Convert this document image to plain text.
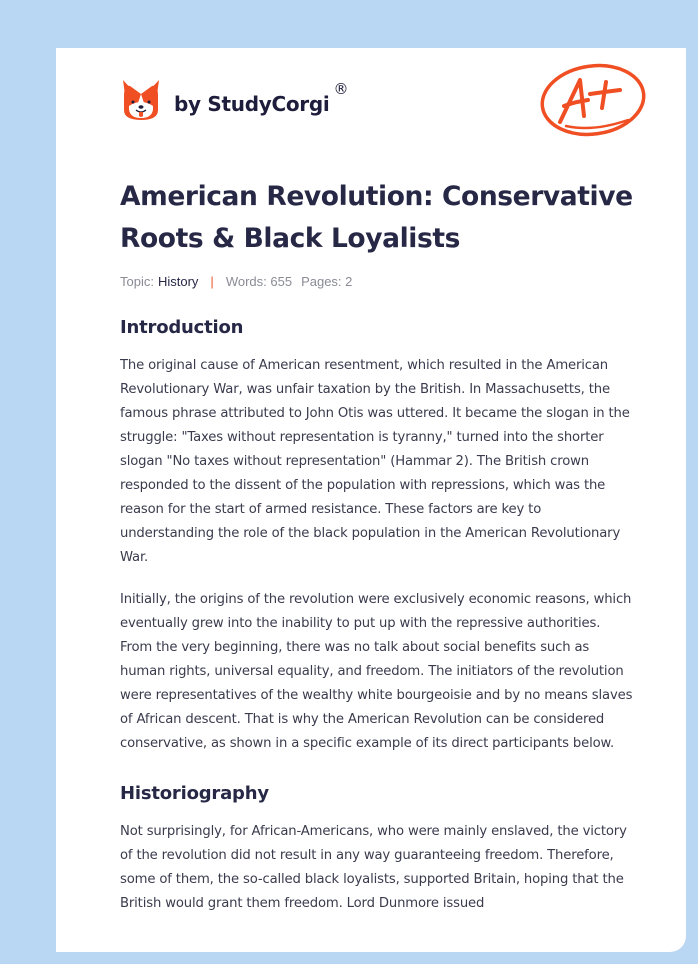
by StudyCorgi
®
American Revolution: Conservative Roots & Black Loyalists
Topic: History | Words: 655 Pages: 2
Introduction

The original cause of American resentment, which resulted in the American Revolutionary War, was unfair taxation by the British. In Massachusetts, the famous phrase attributed to John Otis was uttered. It became the slogan in the struggle: "Taxes without representation is tyranny," turned into the shorter slogan "No taxes without representation" (Hammar 2). The British crown responded to the dissent of the population with repressions, which was the reason for the start of armed resistance. These factors are key to understanding the role of the black population in the American Revolutionary War.

Initially, the origins of the revolution were exclusively economic reasons, which eventually grew into the inability to put up with the repressive authorities. From the very beginning, there was no talk about social benefits such as human rights, universal equality, and freedom. The initiators of the revolution were representatives of the wealthy white bourgeoisie and by no means slaves of African descent. That is why the American Revolution can be considered conservative, as shown in a specific example of its direct participants below.

Historiography

Not surprisingly, for African-Americans, who were mainly enslaved, the victory of the revolution did not result in any way guaranteeing freedom. Therefore, some of them, the so-called black loyalists, supported Britain, hoping that the British would grant them freedom. Lord Dunmore issued
